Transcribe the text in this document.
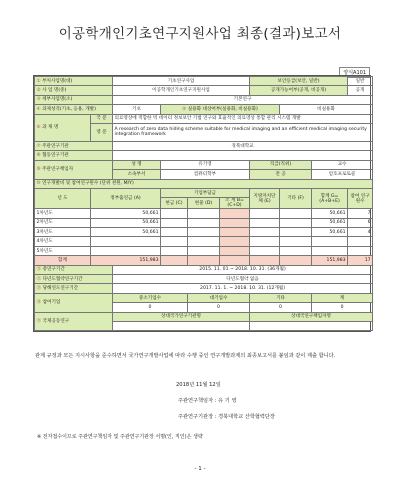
이공학개인기초연구지원사업 최종(결과)보고서
양식A101
① 부처사업명(대)		기초연구사업				보안등급(보안, 일반)			일반
② 사 업 명(중)		이공학개인기초연구지원사업				공개가능여부(공개, 비공개)			공개
③ 세부사업명(소)		기본연구							
④ 과제성격(기초, 응용, 개발)		기초	⑤ 실용화 대상여부(실용화, 비실용화)				비실용화		
⑥ 과 제 명	국 문	의료영상에 적합한 빅 데이터 정보보안 기법 연구와 효율적인 의료영상 통합 관리 시스템 개발							
	영 문	A research of zero data hiding scheme suitable for medical imaging and an efficient medical imaging security integration framework							
⑦ 주관연구기관		경북대학교							
⑧ 협동연구기관									
⑨ 주관연구책임자		성 명	유기영			직급(직위)		교수	
		소속부서	컴퓨터학부			전 공		암호프로토콜	
⑩ 연구개발비 및 참여연구원수 (단위 천원, M/Y)									
년 도	정부출연금 (A)		기업부담금			지방자치단체 (E)	기타 (F)	합계 G=(A+B+E)	참여 연구원수
			현금 (C)	현물 (D)	소 계 B=(C+D)				
1차년도	50,661							50,661	7
2차년도	50,661							50,661	6
3차년도	50,661							50,661	4
4차년도									
5차년도									
합계	151,983							151,983	17
⑪ 총연구기간		2015. 11. 01 ~ 2018. 10. 31. (36개월)							
⑫ 다년도협약연구기간		다년도협약 없음							
⑬ 당해연도연구기간		2017. 11. 1. ~ 2018. 10. 31. (12개월)							
⑭ 참여기업		중소기업수		대기업수		기타		계	
		0		0		0		0	
⑮ 국제공동연구		상대국가연구기관명				상대국연구책임자명			

관계 규정과 모든 지시사항을 준수하면서 국가연구개발사업에 따라 수행 중인 연구개발과제의 최종보고서를 붙임과 같이 제출 합니다.
2018년 11월 12일
주관연구책임자 : 유 기 영
주관연구기관장 : 경북대학교 산학협력단장
※ 전자접수이므로 주관연구책임자 및 주관연구기관장 서명(인, 직인)은 생략
- 1 -
